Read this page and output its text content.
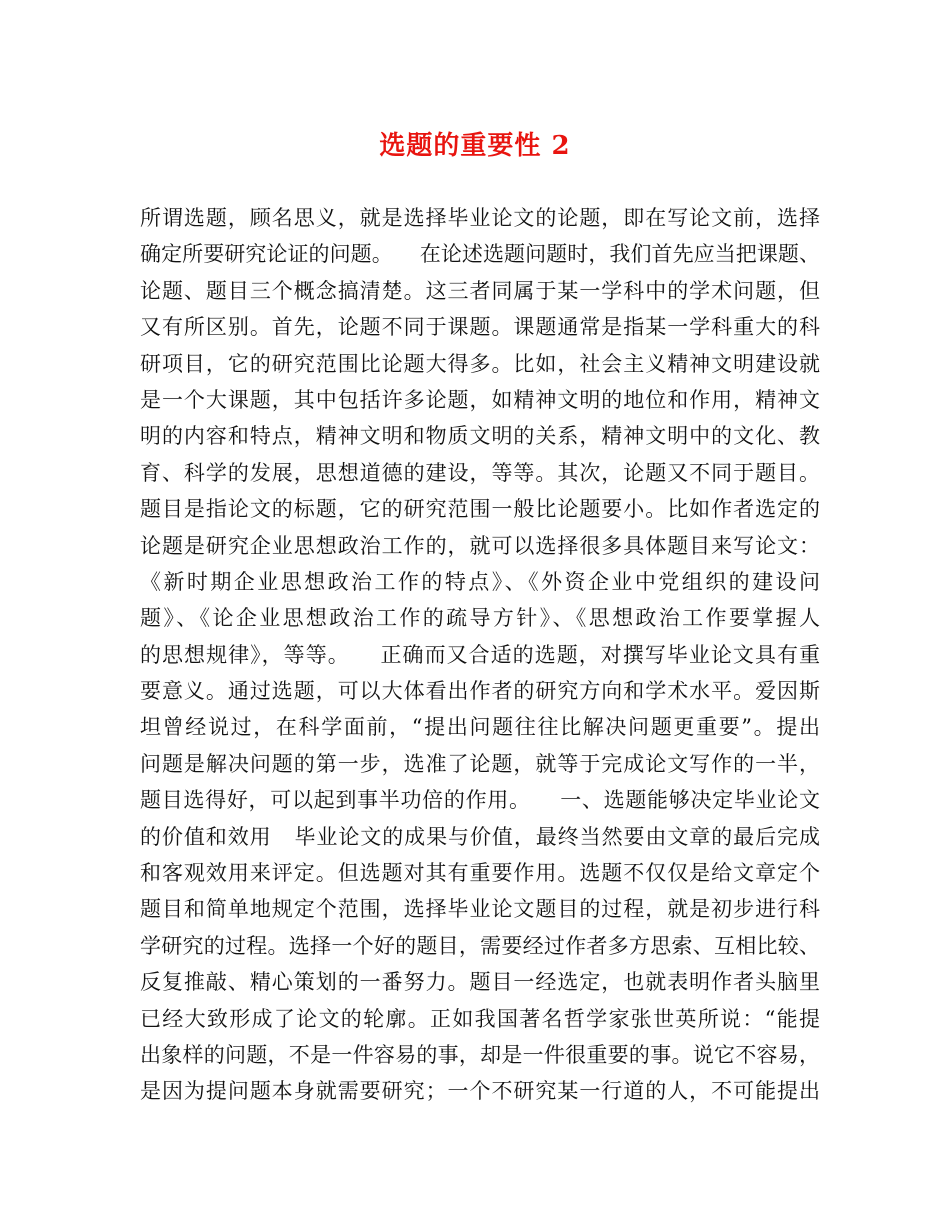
选题的重要性 2
所谓选题，顾名思义，就是选择毕业论文的论题，即在写论文前，选择
确定所要研究论证的问题。    在论述选题问题时，我们首先应当把课题、
论题、题目三个概念搞清楚。这三者同属于某一学科中的学术问题，但
又有所区别。首先，论题不同于课题。课题通常是指某一学科重大的科
研项目，它的研究范围比论题大得多。比如，社会主义精神文明建设就
是一个大课题，其中包括许多论题，如精神文明的地位和作用，精神文
明的内容和特点，精神文明和物质文明的关系，精神文明中的文化、教
育、科学的发展，思想道德的建设，等等。其次，论题又不同于题目。
题目是指论文的标题，它的研究范围一般比论题要小。比如作者选定的
论题是研究企业思想政治工作的，就可以选择很多具体题目来写论文：
《新时期企业思想政治工作的特点》、《外资企业中党组织的建设问
题》、《论企业思想政治工作的疏导方针》、《思想政治工作要掌握人
的思想规律》，等等。    正确而又合适的选题，对撰写毕业论文具有重
要意义。通过选题，可以大体看出作者的研究方向和学术水平。爱因斯
坦曾经说过，在科学面前，“提出问题往往比解决问题更重要”。提出
问题是解决问题的第一步，选准了论题，就等于完成论文写作的一半，
题目选得好，可以起到事半功倍的作用。    一、选题能够决定毕业论文
的价值和效用   毕业论文的成果与价值，最终当然要由文章的最后完成
和客观效用来评定。但选题对其有重要作用。选题不仅仅是给文章定个
题目和简单地规定个范围，选择毕业论文题目的过程，就是初步进行科
学研究的过程。选择一个好的题目，需要经过作者多方思索、互相比较、
反复推敲、精心策划的一番努力。题目一经选定，也就表明作者头脑里
已经大致形成了论文的轮廓。正如我国著名哲学家张世英所说：“能提
出象样的问题，不是一件容易的事，却是一件很重要的事。说它不容易，
是因为提问题本身就需要研究；一个不研究某一行道的人，不可能提出
